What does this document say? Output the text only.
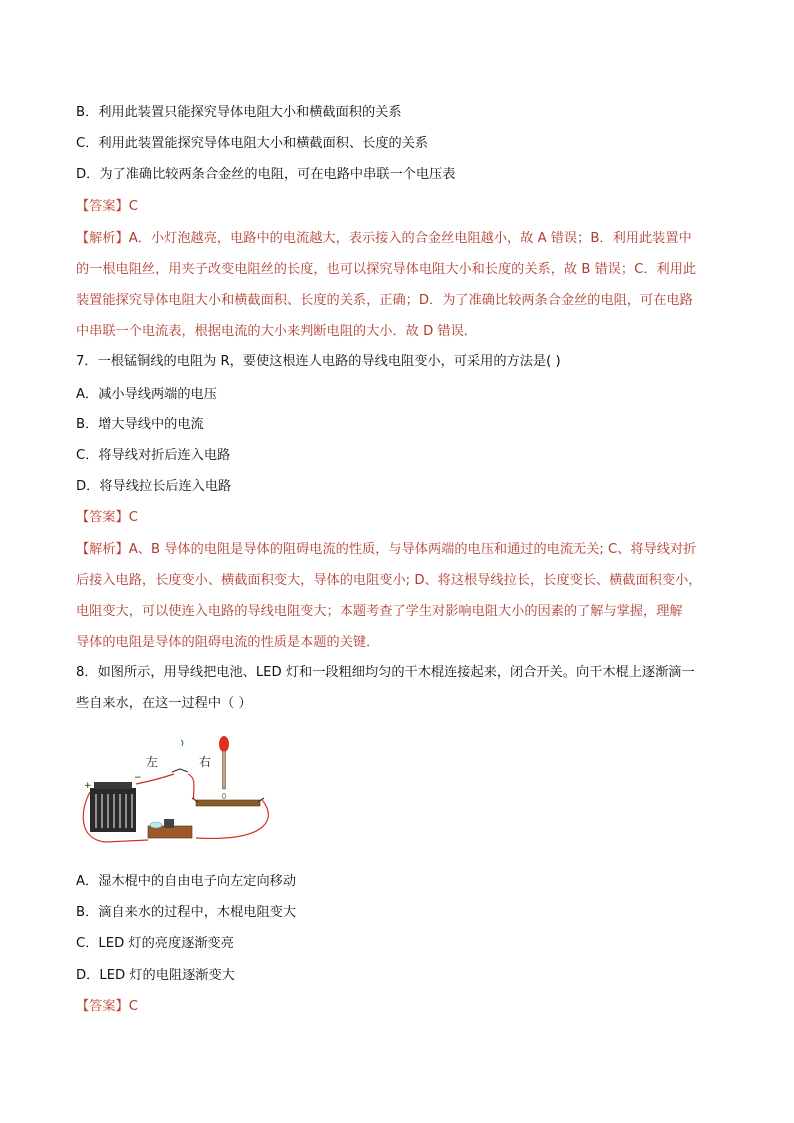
B．利用此装置只能探究导体电阻大小和横截面积的关系
C．利用此装置能探究导体电阻大小和横截面积、长度的关系
D．为了准确比较两条合金丝的电阻，可在电路中串联一个电压表
【答案】C
【解析】A．小灯泡越亮，电路中的电流越大，表示接入的合金丝电阻越小，故 A 错误；B．利用此装置中
的一根电阻丝，用夹子改变电阻丝的长度，也可以探究导体电阻大小和长度的关系，故 B 错误；C．利用此
装置能探究导体电阻大小和横截面积、长度的关系，正确；D．为了准确比较两条合金丝的电阻，可在电路
中串联一个电流表，根据电流的大小来判断电阻的大小．故 D 错误．
7．一根锰铜线的电阻为 R，要使这根连人电路的导线电阻变小，可采用的方法是( )
A．减小导线两端的电压
B．增大导线中的电流
C．将导线对折后连入电路
D．将导线拉长后连入电路
【答案】C
【解析】A、B 导体的电阻是导体的阻碍电流的性质，与导体两端的电压和通过的电流无关; C、将导线对折
后接入电路，长度变小、横截面积变大，导体的电阻变小; D、将这根导线拉长，长度变长、横截面积变小，
电阻变大，可以使连入电路的导线电阻变大；本题考查了学生对影响电阻大小的因素的了解与掌握，理解
导体的电阻是导体的阻碍电流的性质是本题的关键．
8．如图所示，用导线把电池、LED 灯和一段粗细均匀的干木棍连接起来，闭合开关。向干木棍上逐渐滴一
些自来水，在这一过程中（ ）
左	右
+
−
A．湿木棍中的自由电子向左定向移动
B．滴自来水的过程中，木棍电阻变大
C．LED 灯的亮度逐渐变亮
D．LED 灯的电阻逐渐变大
【答案】C
